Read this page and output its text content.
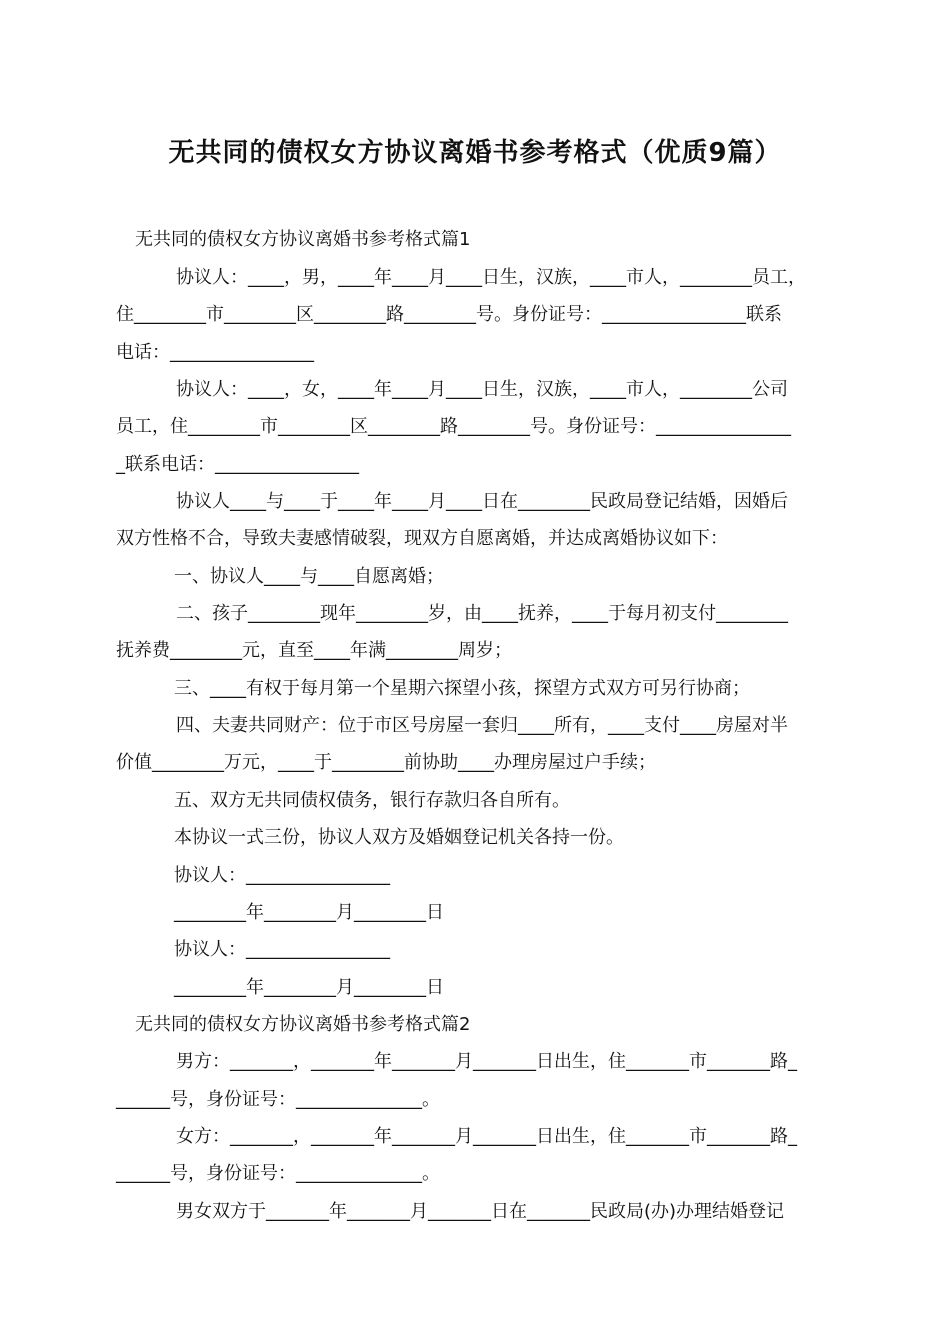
无共同的债权女方协议离婚书参考格式（优质9篇）
无共同的债权女方协议离婚书参考格式篇1
协议人：____，男，____年____月____日生，汉族，____市人，________员工，
住________市________区________路________号。身份证号：________________联系
电话：________________
协议人：____，女，____年____月____日生，汉族，____市人，________公司
员工，住________市________区________路________号。身份证号：_______________
_联系电话：________________
协议人____与____于____年____月____日在________民政局登记结婚，因婚后
双方性格不合，导致夫妻感情破裂，现双方自愿离婚，并达成离婚协议如下：
一、协议人____与____自愿离婚；
二、孩子________现年________岁，由____抚养，____于每月初支付________
抚养费________元，直至____年满________周岁；
三、____有权于每月第一个星期六探望小孩，探望方式双方可另行协商；
四、夫妻共同财产：位于市区号房屋一套归____所有，____支付____房屋对半
价值________万元，____于________前协助____办理房屋过户手续；
五、双方无共同债权债务，银行存款归各自所有。
本协议一式三份，协议人双方及婚姻登记机关各持一份。
协议人：________________
________年________月________日
协议人：________________
________年________月________日
无共同的债权女方协议离婚书参考格式篇2
男方：_______，_______年_______月_______日出生，住_______市_______路_
______号，身份证号：______________。
女方：_______，_______年_______月_______日出生，住_______市_______路_
______号，身份证号：______________。
男女双方于_______年_______月_______日在_______民政局(办)办理结婚登记
